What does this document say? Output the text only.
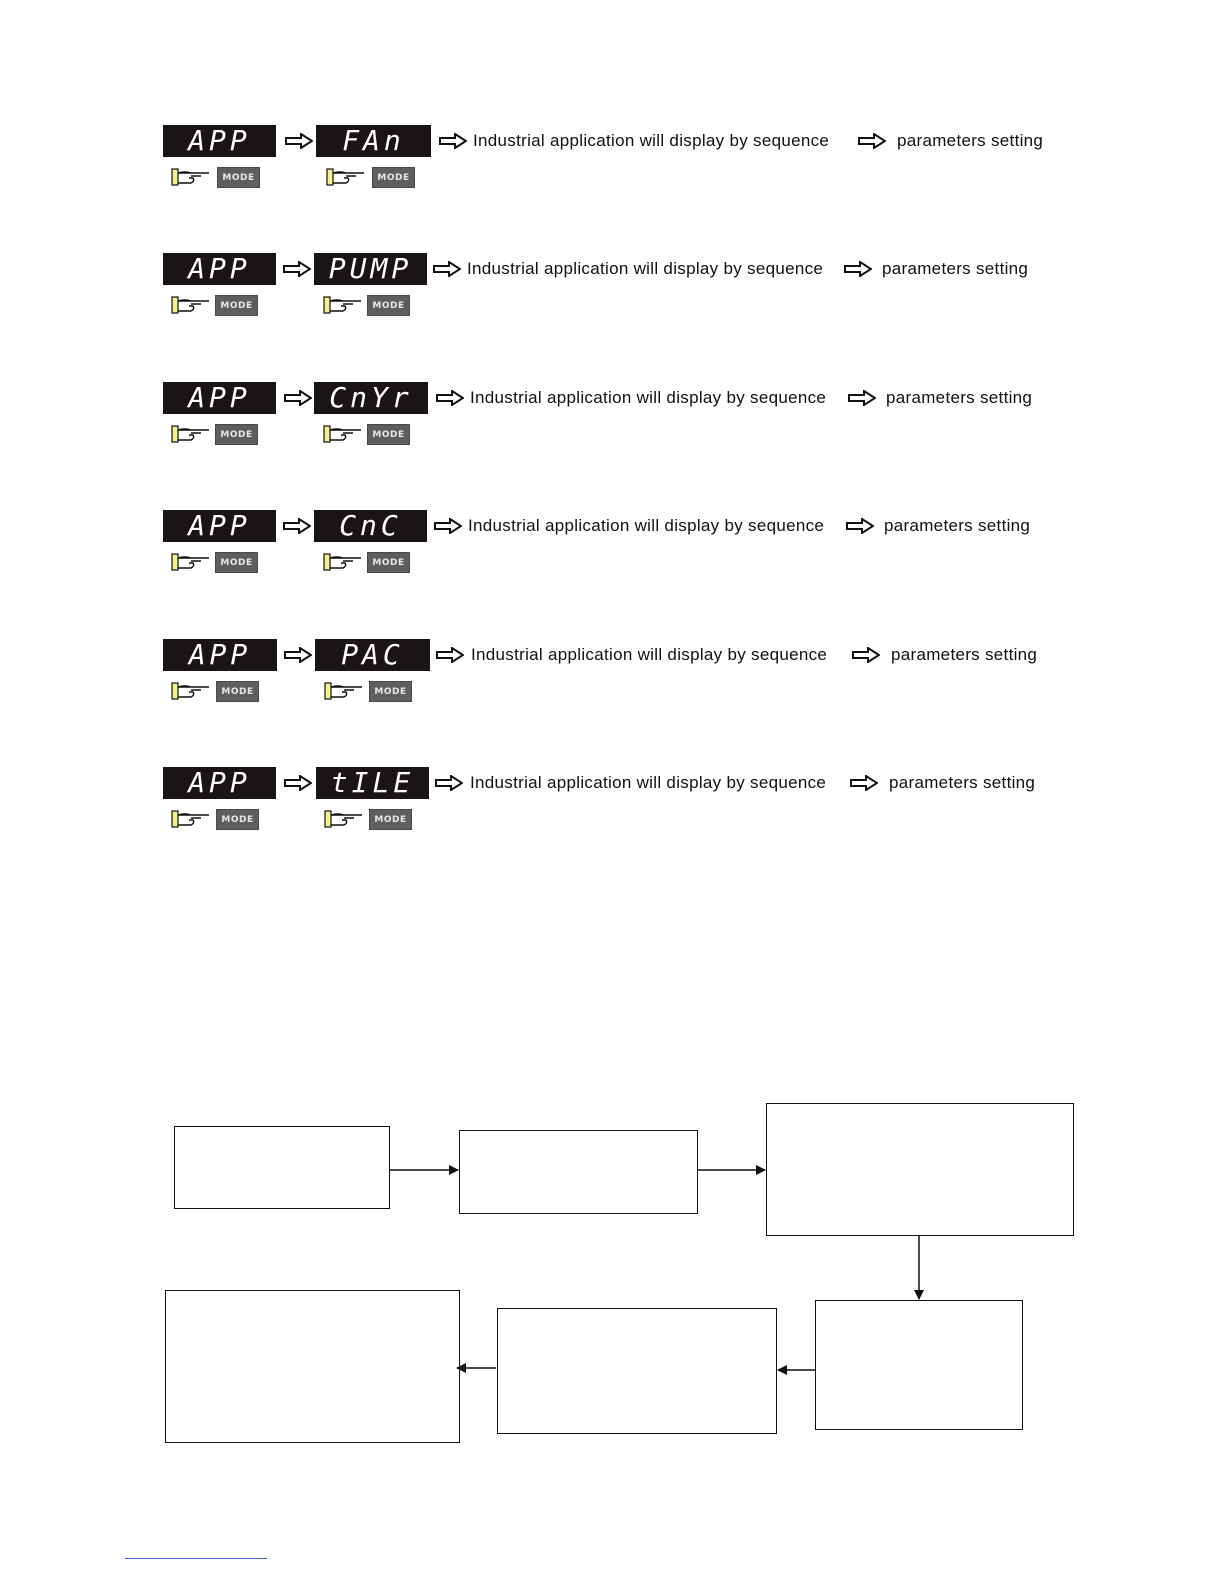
APP	FAn	Industrial application will display by sequence	parameters setting
MODE	MODE
APP	PUMP	Industrial application will display by sequence	parameters setting
MODE	MODE
APP	CnYr	Industrial application will display by sequence	parameters setting
MODE	MODE
APP	CnC	Industrial application will display by sequence	parameters setting
MODE	MODE
APP	PAC	Industrial application will display by sequence	parameters setting
MODE	MODE
APP	tILE	Industrial application will display by sequence	parameters setting
MODE	MODE
